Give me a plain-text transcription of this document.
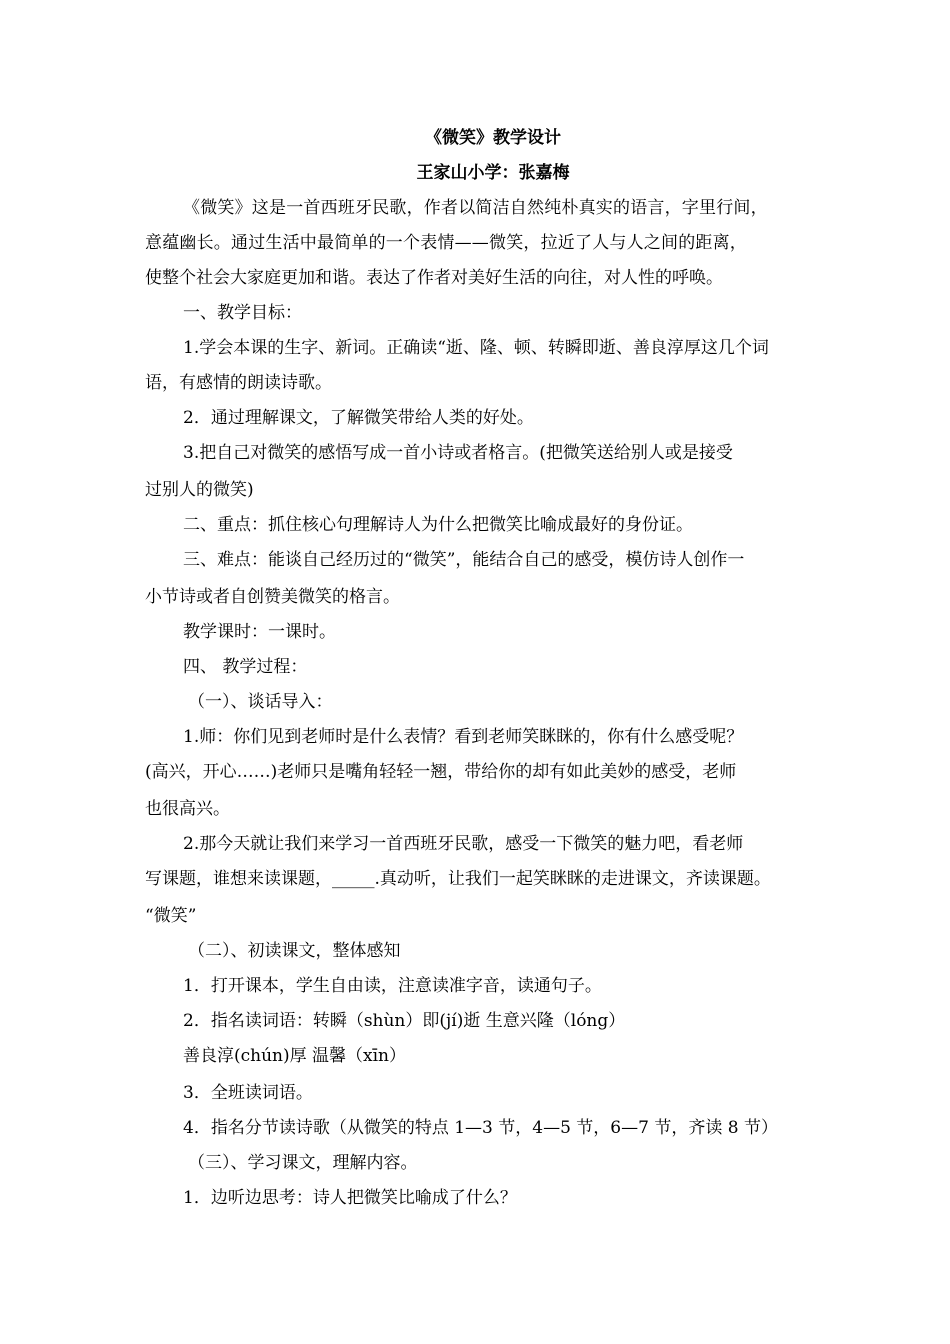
《微笑》教学设计
王家山小学：张嘉梅
《微笑》这是一首西班牙民歌，作者以简洁自然纯朴真实的语言，字里行间，
意蕴幽长。通过生活中最简单的一个表情——微笑，拉近了人与人之间的距离，
使整个社会大家庭更加和谐。表达了作者对美好生活的向往，对人性的呼唤。
一、教学目标：
1.学会本课的生字、新词。正确读“逝、隆、顿、转瞬即逝、善良淳厚这几个词
语，有感情的朗读诗歌。
2．通过理解课文，了解微笑带给人类的好处。
3.把自己对微笑的感悟写成一首小诗或者格言。(把微笑送给别人或是接受
过别人的微笑)
二、重点：抓住核心句理解诗人为什么把微笑比喻成最好的身份证。
三、难点：能谈自己经历过的“微笑”，能结合自己的感受，模仿诗人创作一
小节诗或者自创赞美微笑的格言。
教学课时：一课时。
四、 教学过程：
（一）、谈话导入：
1.师：你们见到老师时是什么表情？看到老师笑眯眯的，你有什么感受呢？
(高兴，开心……)老师只是嘴角轻轻一翘，带给你的却有如此美妙的感受，老师
也很高兴。
2.那今天就让我们来学习一首西班牙民歌，感受一下微笑的魅力吧，看老师
写课题，谁想来读课题，_____.真动听，让我们一起笑眯眯的走进课文，齐读课题。
“微笑”
（二）、初读课文，整体感知
1．打开课本，学生自由读，注意读准字音，读通句子。
2．指名读词语：转瞬（shùn）即(jí)逝 生意兴隆（lóng）
善良淳(chún)厚 温馨（xīn）
3．全班读词语。
4．指名分节读诗歌（从微笑的特点 1—3 节，4—5 节，6—7 节，齐读 8 节）
（三）、学习课文，理解内容。
1．边听边思考：诗人把微笑比喻成了什么？
